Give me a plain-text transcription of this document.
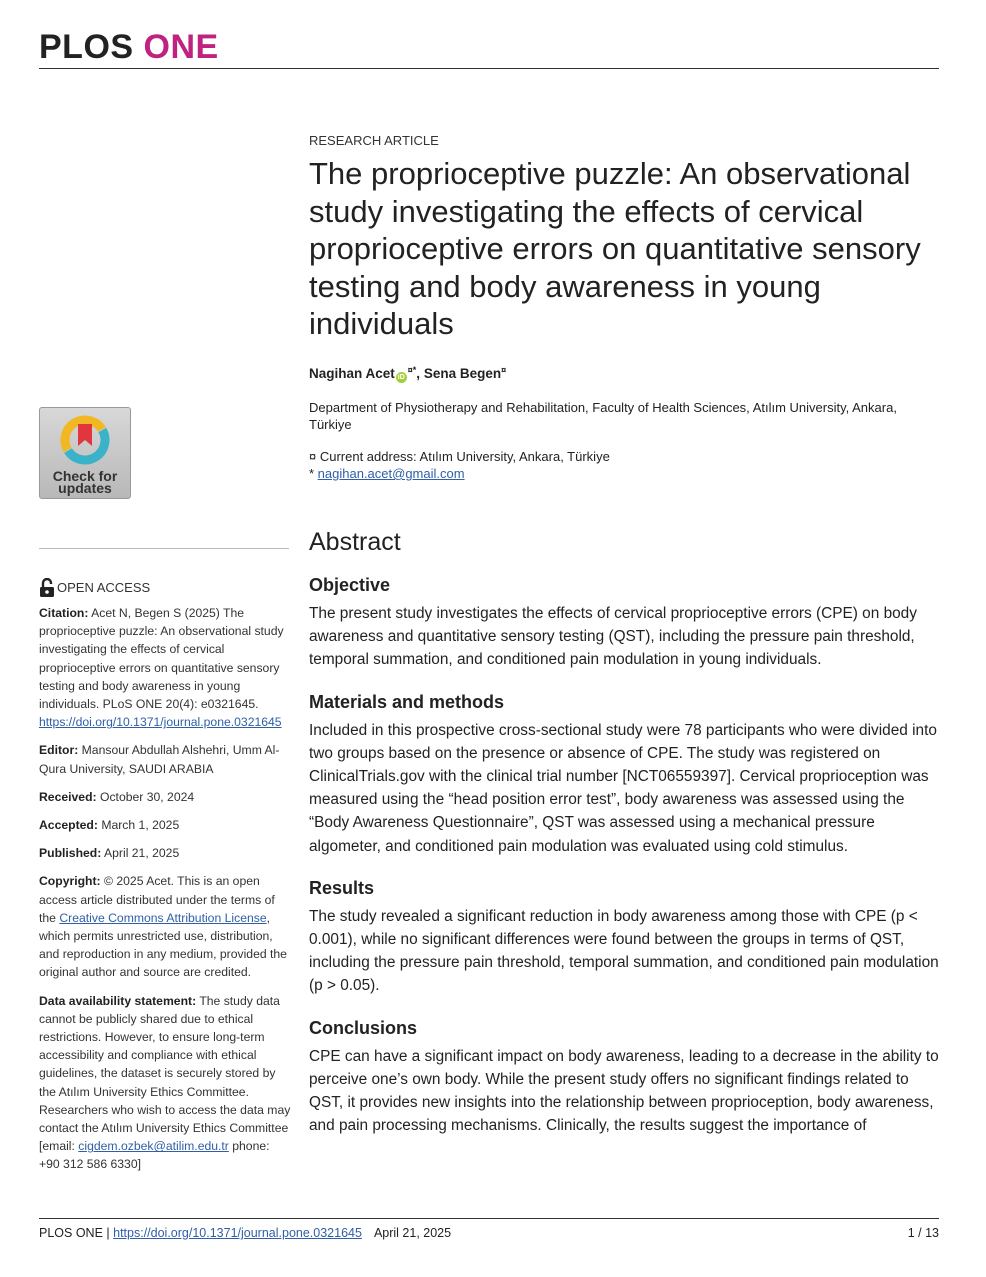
PLOS ONE
Check for
updates
OPEN ACCESS

Citation: Acet N, Begen S (2025) The proprioceptive puzzle: An observational study investigating the effects of cervical proprioceptive errors on quantitative sensory testing and body awareness in young individuals. PLoS ONE 20(4): e0321645. https://doi.org/10.1371/journal.pone.0321645

Editor: Mansour Abdullah Alshehri, Umm Al-Qura University, SAUDI ARABIA

Received: October 30, 2024

Accepted: March 1, 2025

Published: April 21, 2025

Copyright: © 2025 Acet. This is an open access article distributed under the terms of the Creative Commons Attribution License, which permits unrestricted use, distribution, and reproduction in any medium, provided the original author and source are credited.

Data availability statement: The study data cannot be publicly shared due to ethical restrictions. However, to ensure long-term accessibility and compliance with ethical guidelines, the dataset is securely stored by the Atılım University Ethics Committee. Researchers who wish to access the data may contact the Atılım University Ethics Committee [email: cigdem.ozbek@atilim.edu.tr phone: +90 312 586 6330]

RESEARCH ARTICLE
The proprioceptive puzzle: An observational study investigating the effects of cervical proprioceptive errors on quantitative sensory testing and body awareness in young individuals
Nagihan Acet iD¤*, Sena Begen¤
Department of Physiotherapy and Rehabilitation, Faculty of Health Sciences, Atılım University, Ankara, Türkiye
¤ Current address: Atılım University, Ankara, Türkiye
* nagihan.acet@gmail.com
Abstract
Objective

The present study investigates the effects of cervical proprioceptive errors (CPE) on body awareness and quantitative sensory testing (QST), including the pressure pain threshold, temporal summation, and conditioned pain modulation in young individuals.

Materials and methods

Included in this prospective cross-sectional study were 78 participants who were divided into two groups based on the presence or absence of CPE. The study was registered on ClinicalTrials.gov with the clinical trial number [NCT06559397]. Cervical proprioception was measured using the “head position error test”, body awareness was assessed using the “Body Awareness Questionnaire”, QST was assessed using a mechanical pressure algometer, and conditioned pain modulation was evaluated using cold stimulus.

Results

The study revealed a significant reduction in body awareness among those with CPE (p < 0.001), while no significant differences were found between the groups in terms of QST, including the pressure pain threshold, temporal summation, and conditioned pain modulation (p > 0.05).

Conclusions

CPE can have a significant impact on body awareness, leading to a decrease in the ability to perceive one’s own body. While the present study offers no significant findings related to QST, it provides new insights into the relationship between proprioception, body awareness, and pain processing mechanisms. Clinically, the results suggest the importance of

PLOS ONE |
https://doi.org/10.1371/journal.pone.0321645 April 21, 2025	1 / 13
